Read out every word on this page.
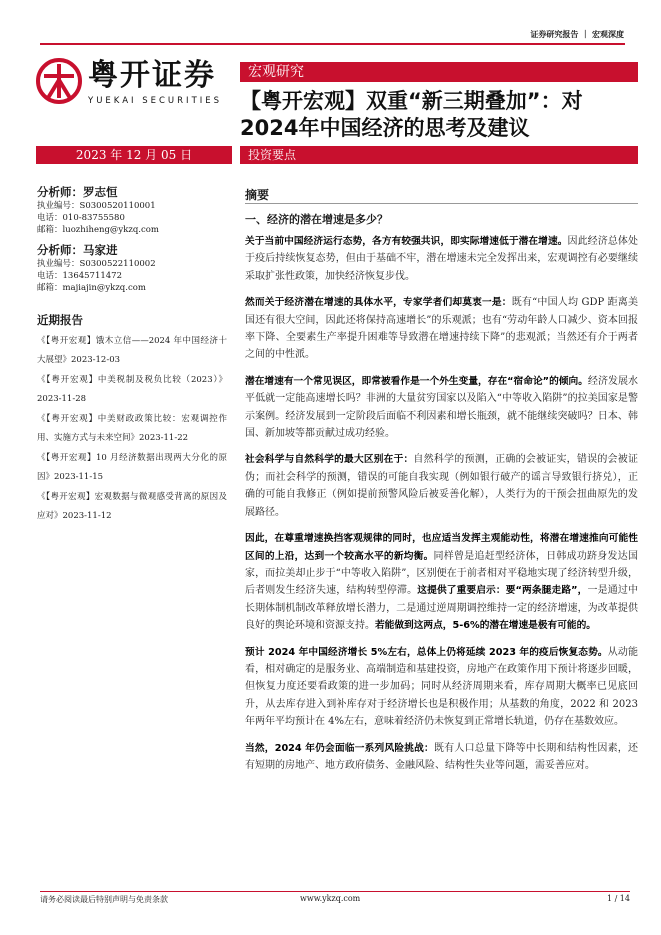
证券研究报告 ｜ 宏观深度
粤开证券
YUEKAI SECURITIES
宏观研究
【粤开宏观】双重“新三期叠加”：对2024年中国经济的思考及建议
2023 年 12 月 05 日	投资要点
分析师：罗志恒
执业编号：S0300520110001
电话：010-83755580
邮箱：luozhiheng@ykzq.com
分析师：马家进
执业编号：S0300522110002
电话：13645711472
邮箱：majiajin@ykzq.com
近期报告
《【粤开宏观】饿木立信——2024 年中国经济十大展望》2023-12-03
《【粤开宏观】中美税制及税负比较（2023）》2023-11-28
《【粤开宏观】中美财政政策比较：宏观调控作用、实施方式与未来空间》2023-11-22
《【粤开宏观】10 月经济数据出现两大分化的原因》2023-11-15
《【粤开宏观】宏观数据与微观感受背离的原因及应对》2023-11-12
摘要
一、经济的潜在增速是多少？
关于当前中国经济运行态势，各方有较强共识，即实际增速低于潜在增速。因此经济总体处于疫后持续恢复态势，但由于基础不牢，潜在增速未完全发挥出来，宏观调控有必要继续采取扩张性政策，加快经济恢复步伐。
然而关于经济潜在增速的具体水平，专家学者们却莫衷一是：既有“中国人均 GDP 距离美国还有很大空间，因此还将保持高速增长”的乐观派；也有“劳动年龄人口减少、资本回报率下降、全要素生产率提升困难等导致潜在增速持续下降”的悲观派；当然还有介于两者之间的中性派。
潜在增速有一个常见误区，即常被看作是一个外生变量，存在“宿命论”的倾向。经济发展水平低就一定能高速增长吗？非洲的大量贫穷国家以及陷入“中等收入陷阱”的拉美国家是警示案例。经济发展到一定阶段后面临不利因素和增长瓶颈，就不能继续突破吗？日本、韩国、新加坡等都贡献过成功经验。
社会科学与自然科学的最大区别在于：自然科学的预测，正确的会被证实，错误的会被证伪；而社会科学的预测，错误的可能自我实现（例如银行破产的谣言导致银行挤兑），正确的可能自我修正（例如提前预警风险后被妥善化解），人类行为的干预会扭曲原先的发展路径。
因此，在尊重增速换挡客观规律的同时，也应适当发挥主观能动性，将潜在增速推向可能性区间的上沿，达到一个较高水平的新均衡。同样曾是追赶型经济体，日韩成功跻身发达国家，而拉美却止步于“中等收入陷阱”，区别便在于前者相对平稳地实现了经济转型升级，后者则发生经济失速，结构转型停滞。这提供了重要启示：要“两条腿走路”，一是通过中长期体制机制改革释放增长潜力，二是通过逆周期调控维持一定的经济增速，为改革提供良好的舆论环境和资源支持。若能做到这两点，5-6%的潜在增速是极有可能的。
预计 2024 年中国经济增长 5%左右，总体上仍将延续 2023 年的疫后恢复态势。从动能看，相对确定的是服务业、高端制造和基建投资，房地产在政策作用下预计将逐步回暖，但恢复力度还要看政策的进一步加码；同时从经济周期来看，库存周期大概率已见底回升，从去库存进入到补库存对于经济增长也是积极作用；从基数的角度，2022 和 2023 年两年平均预计在 4%左右，意味着经济仍未恢复到正常增长轨道，仍存在基数效应。
当然，2024 年仍会面临一系列风险挑战：既有人口总量下降等中长期和结构性因素，还有短期的房地产、地方政府债务、金融风险、结构性失业等问题，需妥善应对。
请务必阅读最后特别声明与免责条款	www.ykzq.com	1 / 14
